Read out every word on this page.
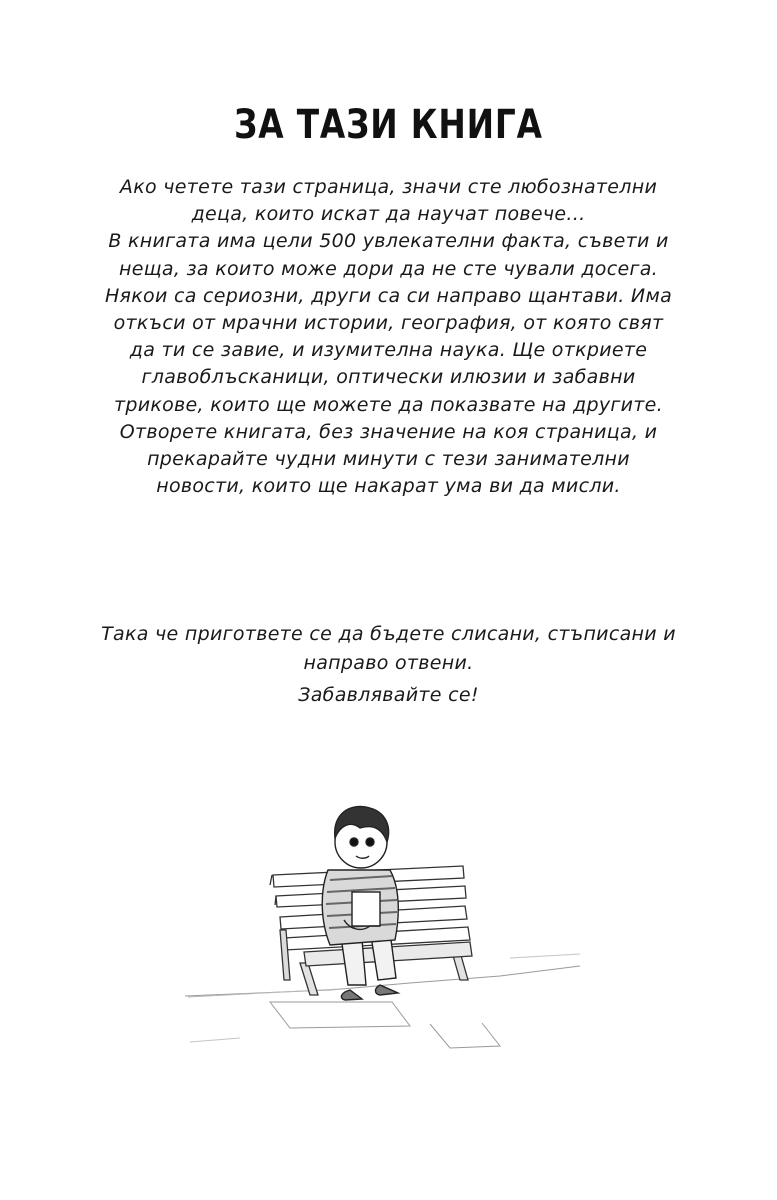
ЗА ТАЗИ КНИГА

Ако четете тази страница, значи сте любознателни деца, които искат да научат повече...

В книгата има цели 500 увлекателни факта, съвети и неща, за които може дори да не сте чували досега. Някои са сериозни, други са си направо щантави. Има откъси от мрачни истории, география, от която свят да ти се завие, и изумителна наука. Ще откриете главоблъсканици, оптически илюзии и забавни трикове, които ще можете да показвате на другите. Отворете книгата, без значение на коя страница, и прекарайте чудни минути с тези занимателни новости, които ще накарат ума ви да мисли.

Така че пригответе се да бъдете слисани, стъписани и направо отвени.

Забавлявайте се!
